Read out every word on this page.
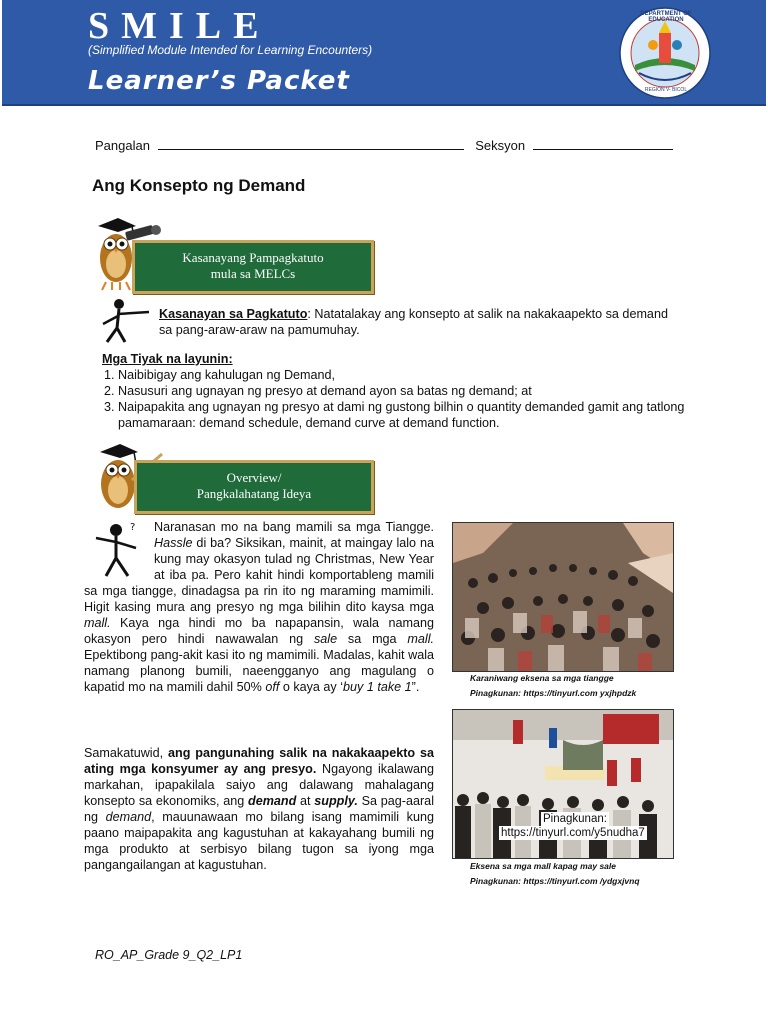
SMILE
(Simplified Module Intended for Learning Encounters)
Learner’s Packet
DEPARTMENT OF EDUCATION
REGION V- BICOL
Pangalan	Seksyon
Ang Konsepto ng Demand
Kasanayang Pampagkatuto
mula sa MELCs
Kasanayan sa Pagkatuto: Natatalakay ang konsepto at salik na nakakaapekto sa demand sa pang-araw-araw na pamumuhay.
Mga Tiyak na layunin:
1. Naibibigay ang kahulugan ng Demand,
2. Nasusuri ang ugnayan ng presyo at demand ayon sa batas ng demand; at
3. Naipapakita ang ugnayan ng presyo at dami ng gustong bilhin o quantity demanded gamit ang tatlong pamamaraan: demand schedule, demand curve at demand function.
Overview/
Pangkalahatang Ideya
?	Naranasan mo na bang mamili sa mga Tiangge. Hassle di ba? Siksikan, mainit, at maingay lalo na kung may okasyon tulad ng Christmas, New Year at iba pa. Pero kahit hindi komportableng mamili sa mga tiangge, dinadagsa pa rin ito ng maraming mamimili. Higit kasing mura ang presyo ng mga bilihin dito kaysa mga mall. Kaya nga hindi mo ba napapansin, wala namang okasyon pero hindi nawawalan ng sale sa mga mall. Epektibong pang-akit kasi ito ng mamimili. Madalas, kahit wala namang planong bumili, naeengganyo ang magulang o kapatid mo na mamili dahil 50% off o kaya ay ‘buy 1 take 1”.
Samakatuwid, ang pangunahing salik na nakakaapekto sa ating mga konsyumer ay ang presyo. Ngayong ikalawang markahan, ipapakilala saiyo ang dalawang mahalagang konsepto sa ekonomiks, ang demand at supply. Sa pag-aaral ng demand, mauunawaan mo bilang isang mamimili kung paano maipapakita ang kagustuhan at kakayahang bumili ng mga produkto at serbisyo bilang tugon sa iyong mga pangangailangan at kagustuhan.
Karaniwang eksena sa mga tiangge
Pinagkunan: https://tinyurl.com yxjhpdzk
Pinagkunan:
https://tinyurl.com/y5nudha7
Eksena sa mga mall kapag may sale
Pinagkunan: https://tinyurl.com /ydgxjvnq
RO_AP_Grade 9_Q2_LP1
